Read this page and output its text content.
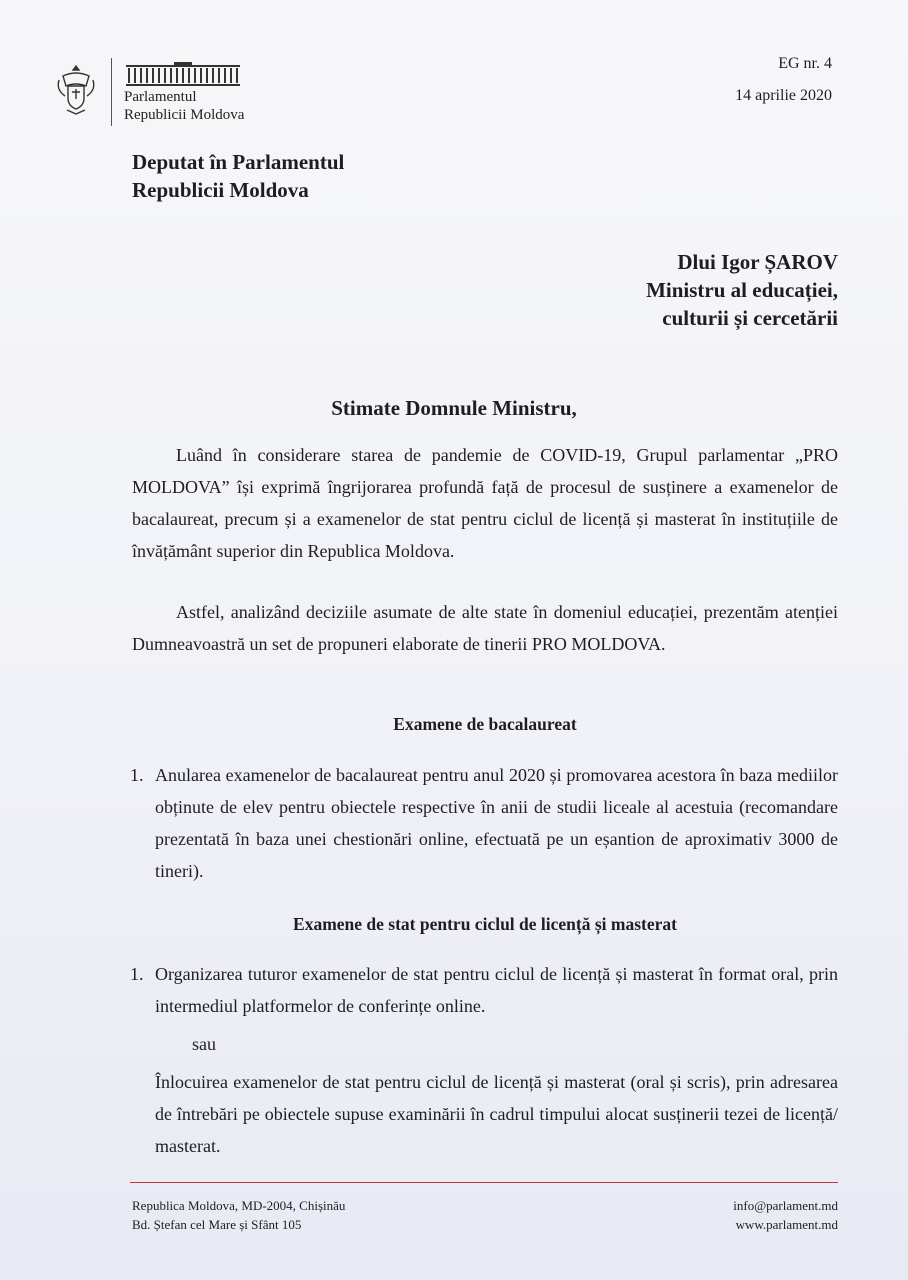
Parlamentul
Republicii Moldova
EG nr. 4
14 aprilie 2020
Deputat în Parlamentul
Republicii Moldova
Dlui Igor ȘAROV
Ministru al educației,
culturii și cercetării
Stimate Domnule Ministru,

Luând în considerare starea de pandemie de COVID-19, Grupul parlamentar „PRO MOLDOVA” își exprimă îngrijorarea profundă față de procesul de susținere a examenelor de bacalaureat, precum și a examenelor de stat pentru ciclul de licență și masterat în instituțiile de învățământ superior din Republica Moldova.

Astfel, analizând deciziile asumate de alte state în domeniul educației, prezentăm atenției Dumneavoastră un set de propuneri elaborate de tinerii PRO MOLDOVA.

Examene de bacalaureat
1. Anularea examenelor de bacalaureat pentru anul 2020 și promovarea acestora în baza mediilor obținute de elev pentru obiectele respective în anii de studii liceale al acestuia (recomandare prezentată în baza unei chestionări online, efectuată pe un eșantion de aproximativ 3000 de tineri).
Examene de stat pentru ciclul de licență și masterat
1. Organizarea tuturor examenelor de stat pentru ciclul de licență și masterat în format oral, prin intermediul platformelor de conferințe online.
sau
Înlocuirea examenelor de stat pentru ciclul de licență și masterat (oral și scris), prin adresarea de întrebări pe obiectele supuse examinării în cadrul timpului alocat susținerii tezei de licență/ masterat.
Republica Moldova, MD-2004, Chișinău
Bd. Ștefan cel Mare și Sfânt 105
info@parlament.md
www.parlament.md
